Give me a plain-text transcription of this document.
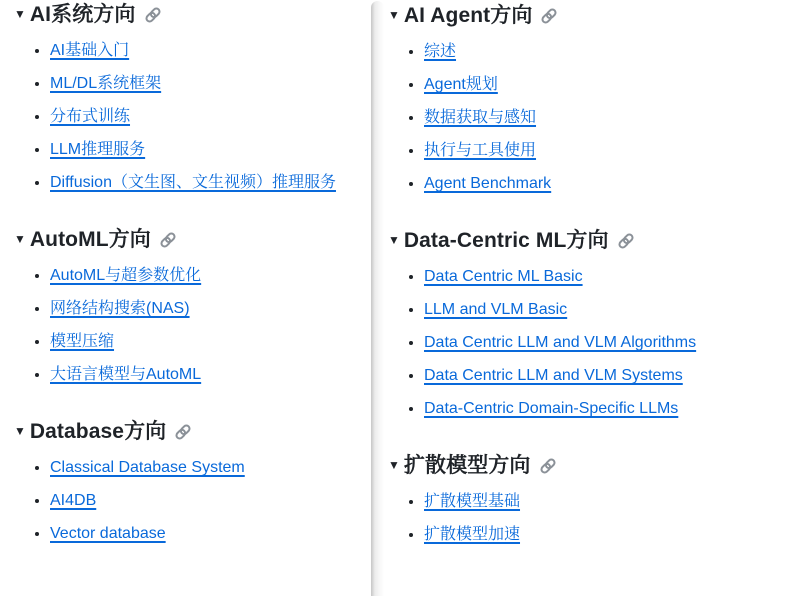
▼ AI系统方向
• AI基础入门
• ML/DL系统框架
• 分布式训练
• LLM推理服务
• Diffusion（文生图、文生视频）推理服务
▼ AutoML方向
• AutoML与超参数优化
• 网络结构搜索(NAS)
• 模型压缩
• 大语言模型与AutoML
▼ Database方向
• Classical Database System
• AI4DB
• Vector database
▼ AI Agent方向
• 综述
• Agent规划
• 数据获取与感知
• 执行与工具使用
• Agent Benchmark
▼ Data-Centric ML方向
• Data Centric ML Basic
• LLM and VLM Basic
• Data Centric LLM and VLM Algorithms
• Data Centric LLM and VLM Systems
• Data-Centric Domain-Specific LLMs
▼ 扩散模型方向
• 扩散模型基础
• 扩散模型加速
